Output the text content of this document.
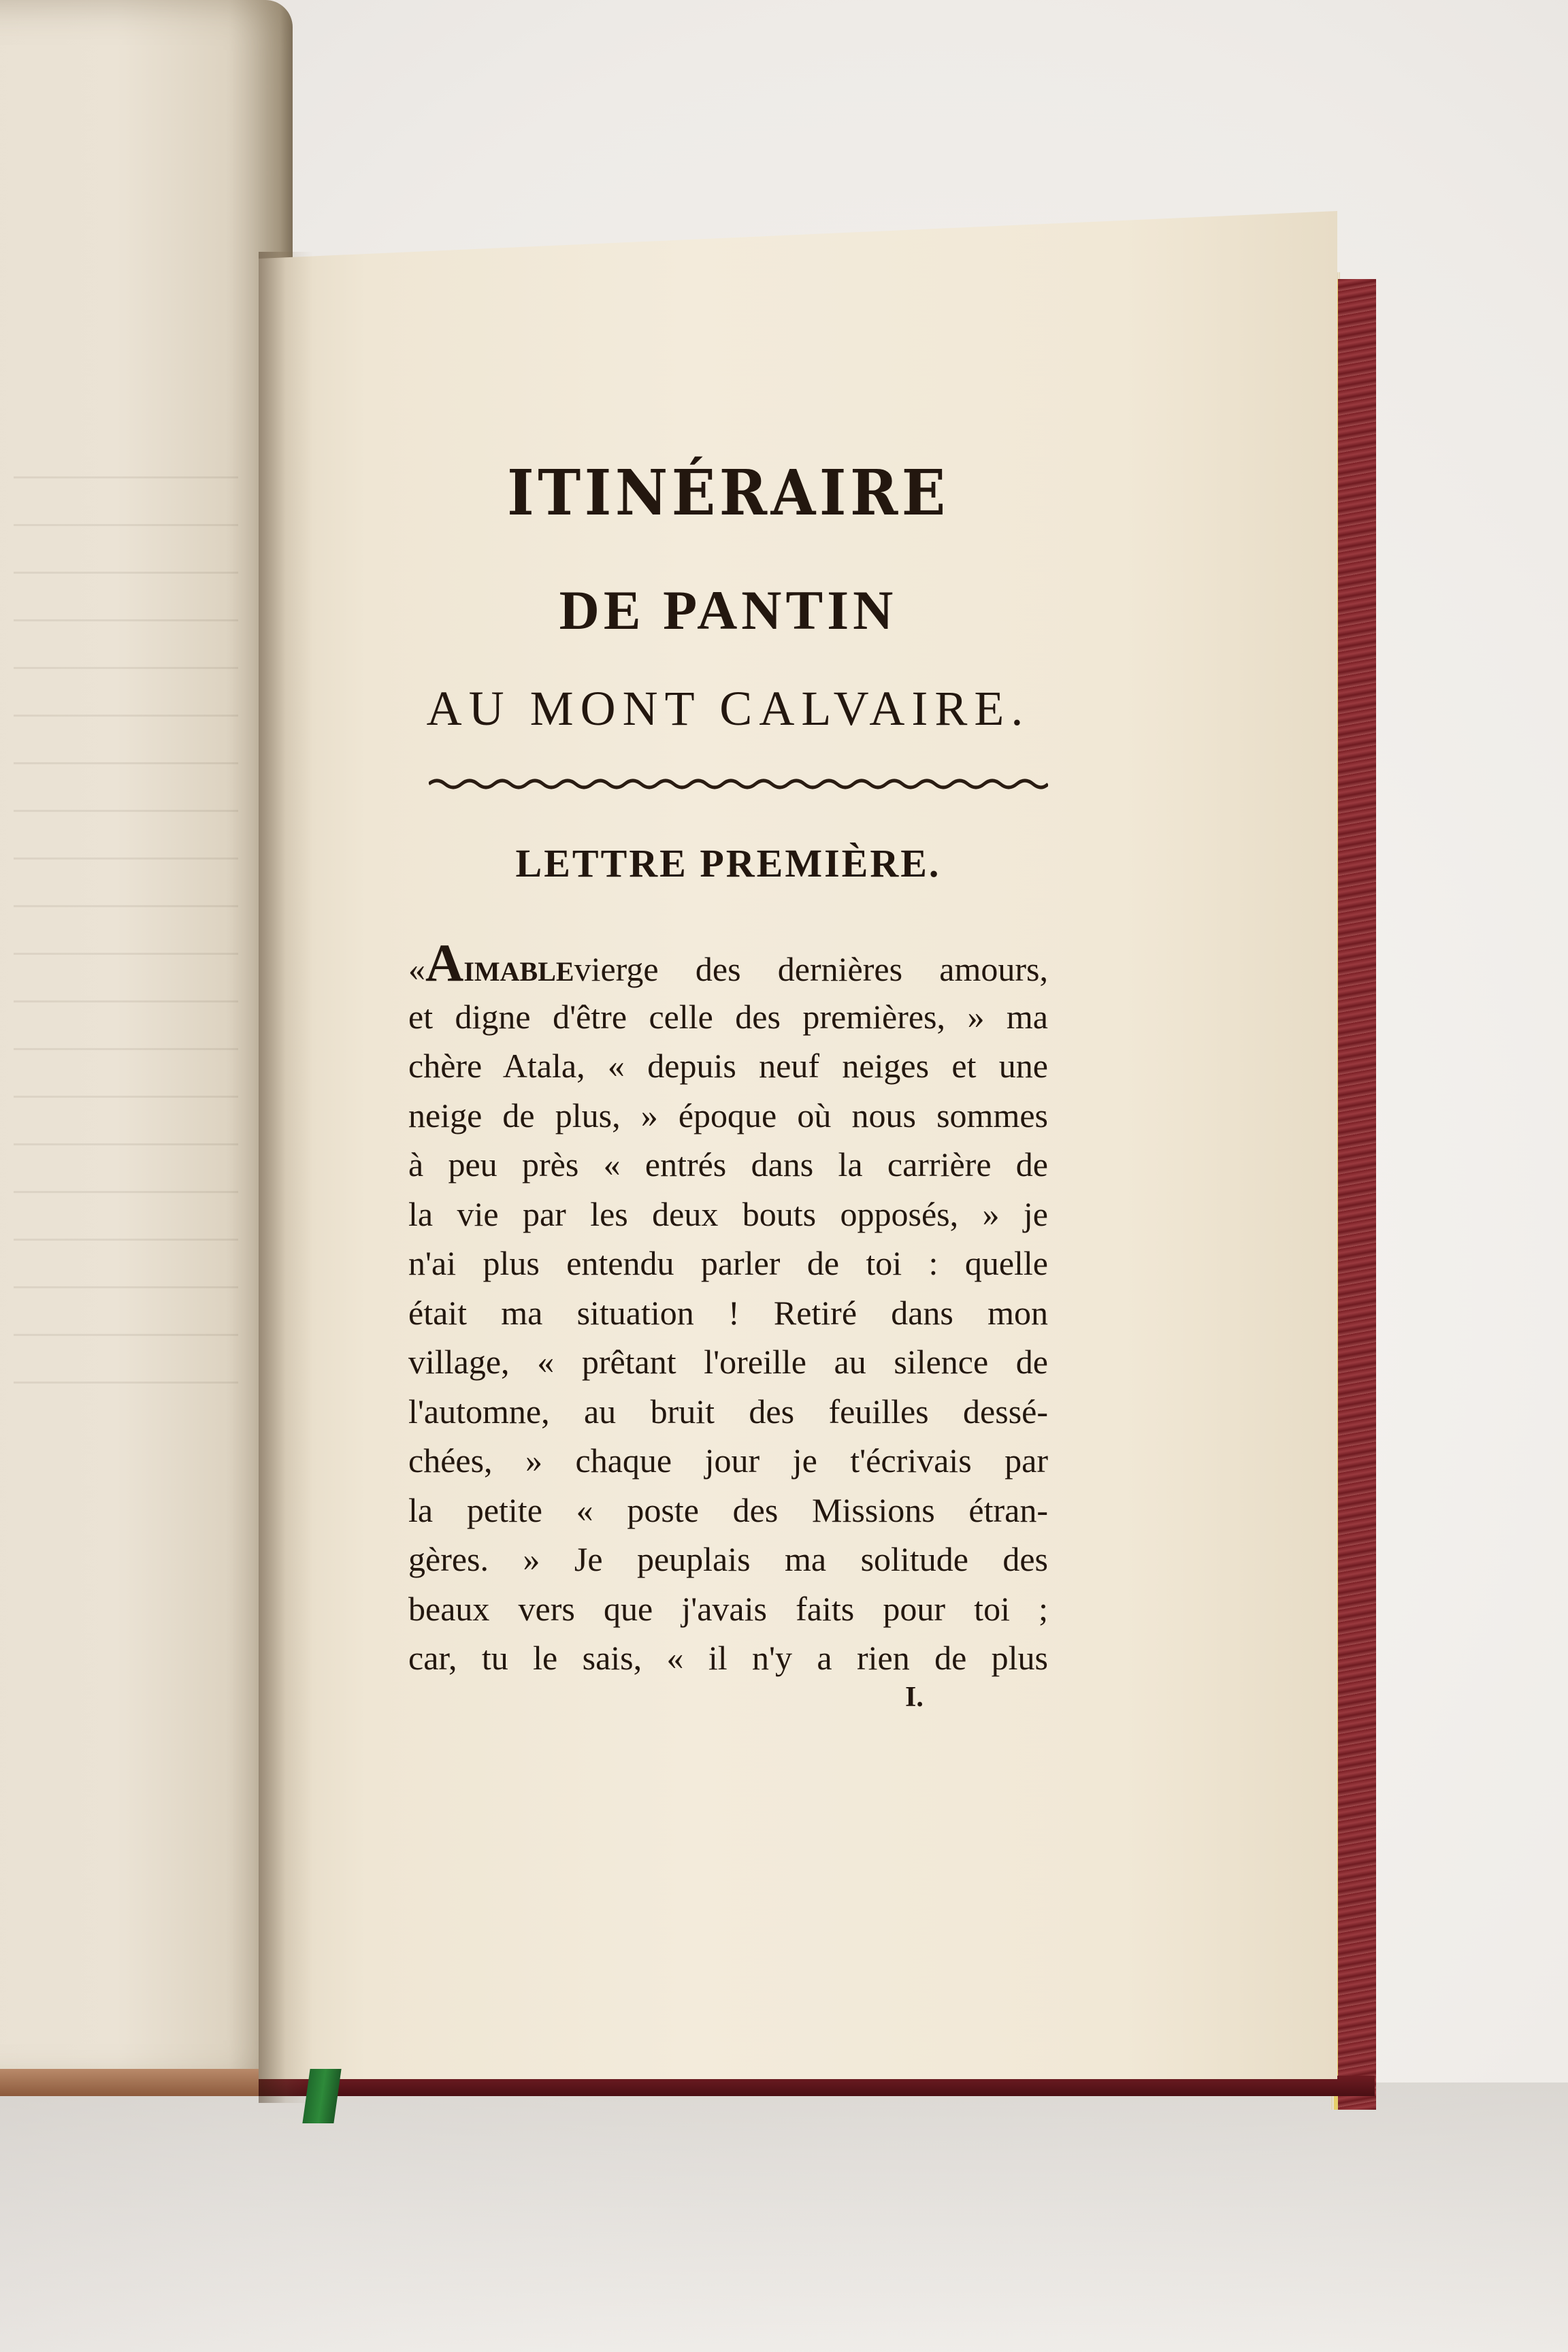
ITINÉRAIRE
DE PANTIN
AU MONT CALVAIRE.
LETTRE PREMIÈRE.
«AIMABLEvierge des dernières amours,
et digne d'être celle des premières, » ma
chère Atala, « depuis neuf neiges et une
neige de plus, » époque où nous sommes
à peu près « entrés dans la carrière de
la vie par les deux bouts opposés, » je
n'ai plus entendu parler de toi : quelle
était ma situation ! Retiré dans mon
village, « prêtant l'oreille au silence de
l'automne, au bruit des feuilles dessé-
chées, » chaque jour je t'écrivais par
la petite « poste des Missions étran-
gères. » Je peuplais ma solitude des
beaux vers que j'avais faits pour toi ;
car, tu le sais, « il n'y a rien de plus
I.
